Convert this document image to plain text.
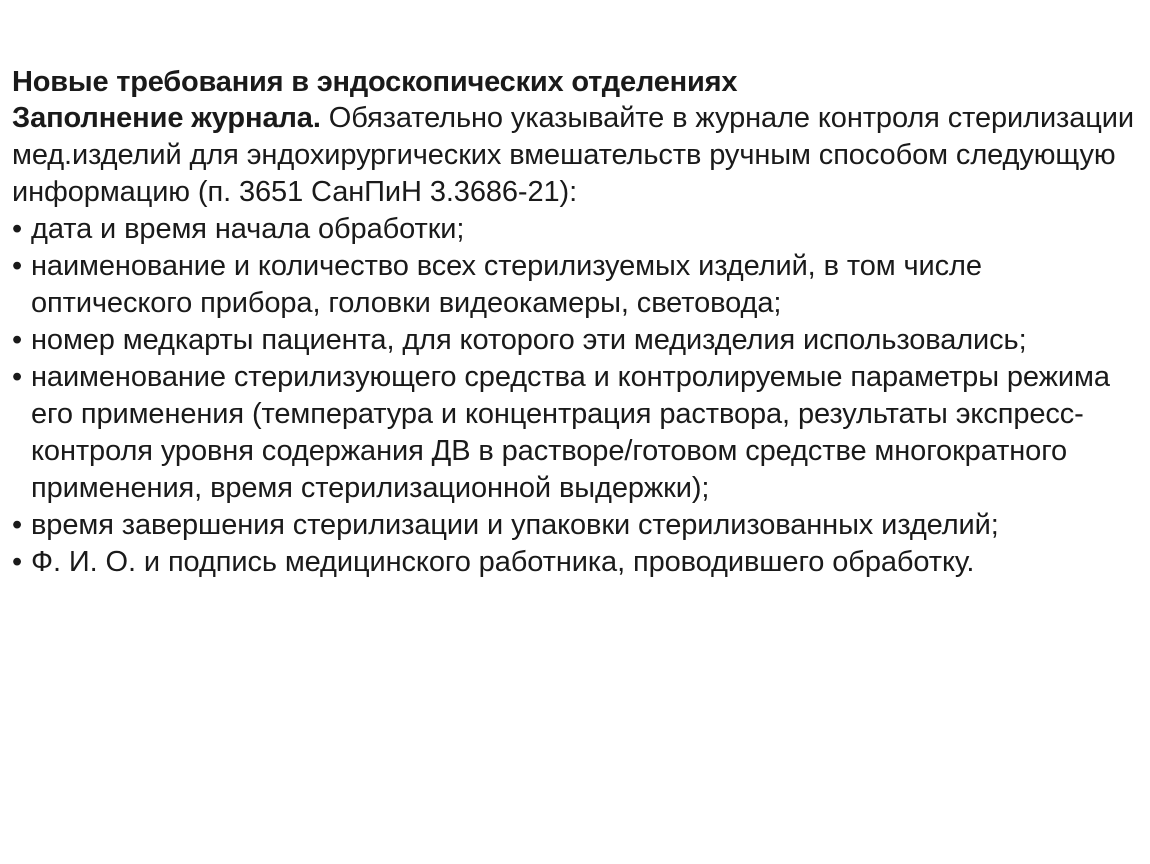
Новые требования в эндоскопических отделениях

Заполнение журнала. Обязательно указывайте в журнале контроля стерилизации мед.изделий для эндохирургических вмешательств ручным способом следующую информацию (п. 3651 СанПиН 3.3686-21):

• дата и время начала обработки;
• наименование и количество всех стерилизуемых изделий, в том числе оптического прибора, головки видеокамеры, световода;
• номер медкарты пациента, для которого эти медизделия использовались;
• наименование стерилизующего средства и контролируемые параметры режима его применения (температура и концентрация раствора, результаты экспресс-контроля уровня содержания ДВ в растворе/готовом средстве многократного применения, время стерилизационной выдержки);
• время завершения стерилизации и упаковки стерилизованных изделий;
• Ф. И. О. и подпись медицинского работника, проводившего обработку.
